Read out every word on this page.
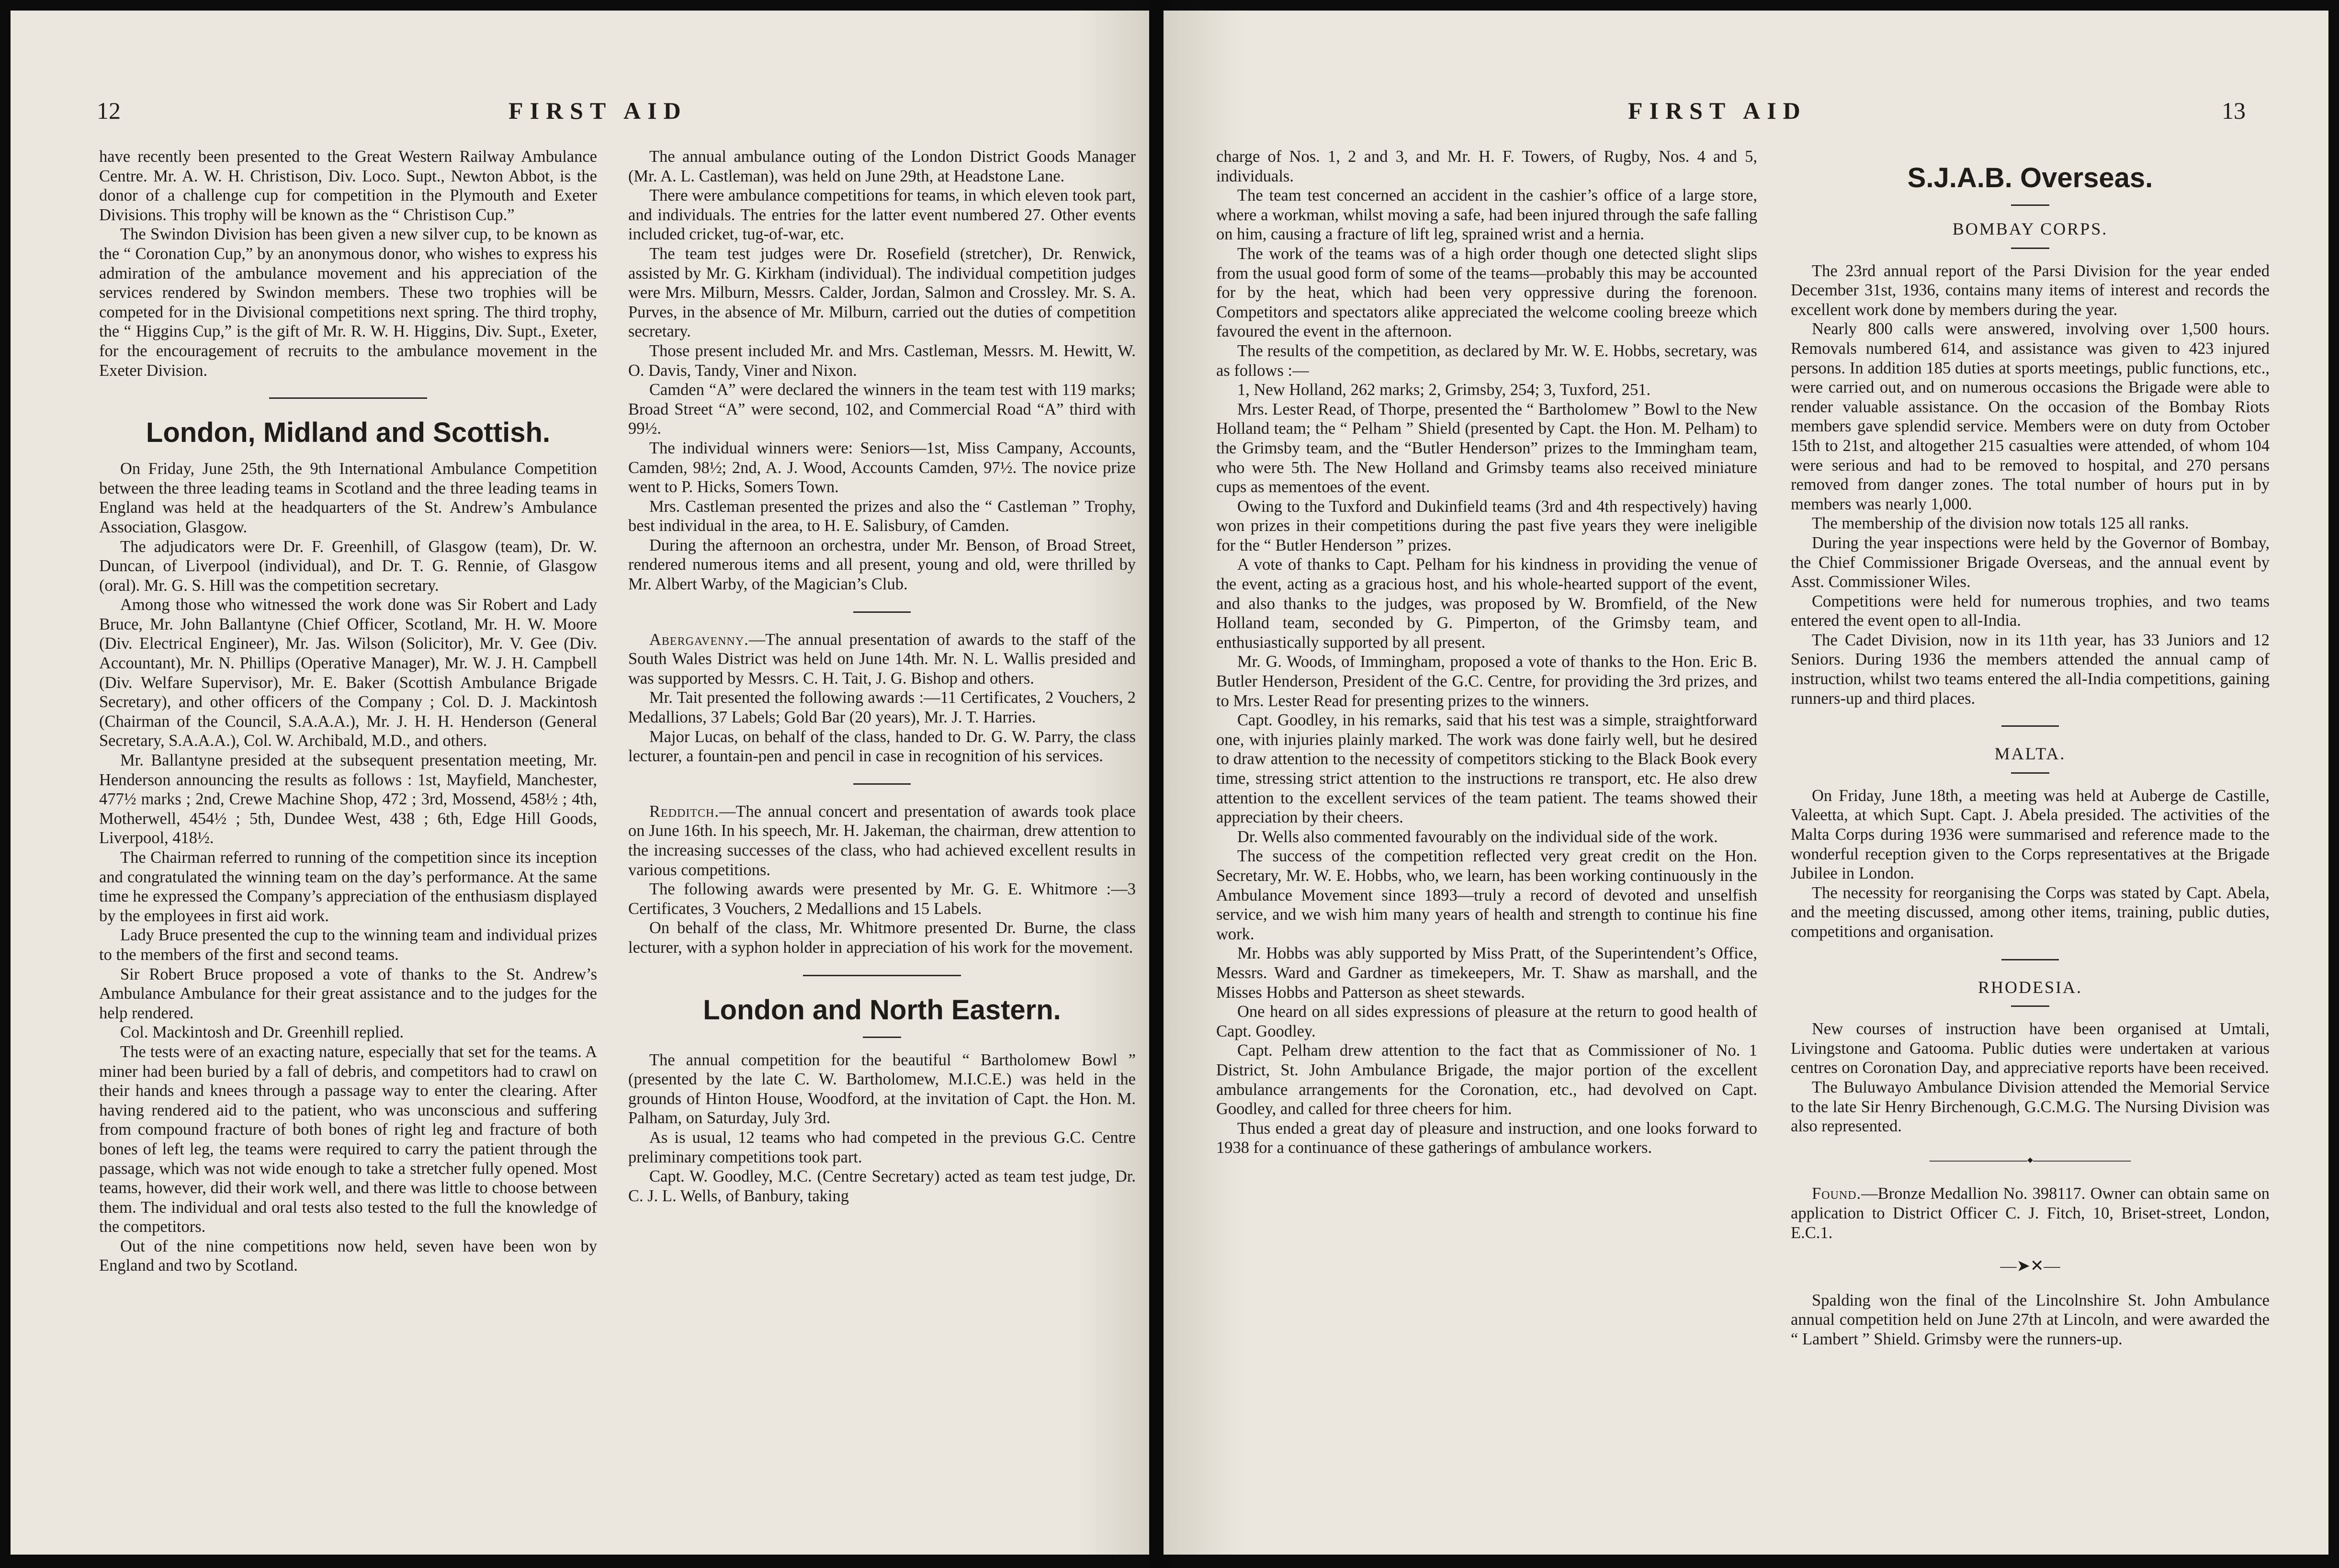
12	FIRST AID

have recently been presented to the Great Western Railway Ambulance Centre. Mr. A. W. H. Christison, Div. Loco. Supt., Newton Abbot, is the donor of a challenge cup for competition in the Plymouth and Exeter Divisions. This trophy will be known as the “ Christison Cup.”

The Swindon Division has been given a new silver cup, to be known as the “ Coronation Cup,” by an anonymous donor, who wishes to express his admiration of the ambulance movement and his appreciation of the services rendered by Swindon members. These two trophies will be competed for in the Divisional competitions next spring. The third trophy, the “ Higgins Cup,” is the gift of Mr. R. W. H. Higgins, Div. Supt., Exeter, for the encouragement of recruits to the ambulance movement in the Exeter Division.

London, Midland and Scottish.

On Friday, June 25th, the 9th International Ambulance Competition between the three leading teams in Scotland and the three leading teams in England was held at the headquarters of the St. Andrew’s Ambulance Association, Glasgow.

The adjudicators were Dr. F. Greenhill, of Glasgow (team), Dr. W. Duncan, of Liverpool (individual), and Dr. T. G. Rennie, of Glasgow (oral). Mr. G. S. Hill was the competition secretary.

Among those who witnessed the work done was Sir Robert and Lady Bruce, Mr. John Ballantyne (Chief Officer, Scotland, Mr. H. W. Moore (Div. Electrical Engineer), Mr. Jas. Wilson (Solicitor), Mr. V. Gee (Div. Accountant), Mr. N. Phillips (Operative Manager), Mr. W. J. H. Campbell (Div. Welfare Supervisor), Mr. E. Baker (Scottish Ambulance Brigade Secretary), and other officers of the Company ; Col. D. J. Mackintosh (Chairman of the Council, S.A.A.A.), Mr. J. H. H. Henderson (General Secretary, S.A.A.A.), Col. W. Archibald, M.D., and others.

Mr. Ballantyne presided at the subsequent presentation meeting, Mr. Henderson announcing the results as follows : 1st, Mayfield, Manchester, 477½ marks ; 2nd, Crewe Machine Shop, 472 ; 3rd, Mossend, 458½ ; 4th, Motherwell, 454½ ; 5th, Dundee West, 438 ; 6th, Edge Hill Goods, Liverpool, 418½.

The Chairman referred to running of the competition since its inception and congratulated the winning team on the day’s performance. At the same time he expressed the Company’s appreciation of the enthusiasm displayed by the employees in first aid work.

Lady Bruce presented the cup to the winning team and individual prizes to the members of the first and second teams.

Sir Robert Bruce proposed a vote of thanks to the St. Andrew’s Ambulance Ambulance for their great assistance and to the judges for the help rendered.

Col. Mackintosh and Dr. Greenhill replied.

The tests were of an exacting nature, especially that set for the teams. A miner had been buried by a fall of debris, and competitors had to crawl on their hands and knees through a passage way to enter the clearing. After having rendered aid to the patient, who was unconscious and suffering from compound fracture of both bones of right leg and fracture of both bones of left leg, the teams were required to carry the patient through the passage, which was not wide enough to take a stretcher fully opened. Most teams, however, did their work well, and there was little to choose between them. The individual and oral tests also tested to the full the knowledge of the competitors.

Out of the nine competitions now held, seven have been won by England and two by Scotland.

The annual ambulance outing of the London District Goods Manager (Mr. A. L. Castleman), was held on June 29th, at Headstone Lane.

There were ambulance competitions for teams, in which eleven took part, and individuals. The entries for the latter event numbered 27. Other events included cricket, tug-of-war, etc.

The team test judges were Dr. Rosefield (stretcher), Dr. Renwick, assisted by Mr. G. Kirkham (individual). The individual competition judges were Mrs. Milburn, Messrs. Calder, Jordan, Salmon and Crossley. Mr. S. A. Purves, in the absence of Mr. Milburn, carried out the duties of competition secretary.

Those present included Mr. and Mrs. Castleman, Messrs. M. Hewitt, W. O. Davis, Tandy, Viner and Nixon.

Camden “A” were declared the winners in the team test with 119 marks; Broad Street “A” were second, 102, and Commercial Road “A” third with 99½.

The individual winners were: Seniors—1st, Miss Campany, Accounts, Camden, 98½; 2nd, A. J. Wood, Accounts Camden, 97½. The novice prize went to P. Hicks, Somers Town.

Mrs. Castleman presented the prizes and also the “ Castleman ” Trophy, best individual in the area, to H. E. Salisbury, of Camden.

During the afternoon an orchestra, under Mr. Benson, of Broad Street, rendered numerous items and all present, young and old, were thrilled by Mr. Albert Warby, of the Magician’s Club.

Abergavenny.—The annual presentation of awards to the staff of the South Wales District was held on June 14th. Mr. N. L. Wallis presided and was supported by Messrs. C. H. Tait, J. G. Bishop and others.

Mr. Tait presented the following awards :—11 Certificates, 2 Vouchers, 2 Medallions, 37 Labels; Gold Bar (20 years), Mr. J. T. Harries.

Major Lucas, on behalf of the class, handed to Dr. G. W. Parry, the class lecturer, a fountain-pen and pencil in case in recognition of his services.

Redditch.—The annual concert and presentation of awards took place on June 16th. In his speech, Mr. H. Jakeman, the chairman, drew attention to the increasing successes of the class, who had achieved excellent results in various competitions.

The following awards were presented by Mr. G. E. Whitmore :—3 Certificates, 3 Vouchers, 2 Medallions and 15 Labels.

On behalf of the class, Mr. Whitmore presented Dr. Burne, the class lecturer, with a syphon holder in appreciation of his work for the movement.

London and North Eastern.

The annual competition for the beautiful “ Bartholomew Bowl ” (presented by the late C. W. Bartholomew, M.I.C.E.) was held in the grounds of Hinton House, Woodford, at the invitation of Capt. the Hon. M. Palham, on Saturday, July 3rd.

As is usual, 12 teams who had competed in the previous G.C. Centre preliminary competitions took part.

Capt. W. Goodley, M.C. (Centre Secretary) acted as team test judge, Dr. C. J. L. Wells, of Banbury, taking

FIRST AID	13

charge of Nos. 1, 2 and 3, and Mr. H. F. Towers, of Rugby, Nos. 4 and 5, individuals.

The team test concerned an accident in the cashier’s office of a large store, where a workman, whilst moving a safe, had been injured through the safe falling on him, causing a fracture of lift leg, sprained wrist and a hernia.

The work of the teams was of a high order though one detected slight slips from the usual good form of some of the teams—probably this may be accounted for by the heat, which had been very oppressive during the forenoon. Competitors and spectators alike appreciated the welcome cooling breeze which favoured the event in the afternoon.

The results of the competition, as declared by Mr. W. E. Hobbs, secretary, was as follows :—

1, New Holland, 262 marks; 2, Grimsby, 254; 3, Tuxford, 251.

Mrs. Lester Read, of Thorpe, presented the “ Bartholomew ” Bowl to the New Holland team; the “ Pelham ” Shield (presented by Capt. the Hon. M. Pelham) to the Grimsby team, and the “Butler Henderson” prizes to the Immingham team, who were 5th. The New Holland and Grimsby teams also received miniature cups as mementoes of the event.

Owing to the Tuxford and Dukinfield teams (3rd and 4th respectively) having won prizes in their competitions during the past five years they were ineligible for the “ Butler Henderson ” prizes.

A vote of thanks to Capt. Pelham for his kindness in providing the venue of the event, acting as a gracious host, and his whole-hearted support of the event, and also thanks to the judges, was proposed by W. Bromfield, of the New Holland team, seconded by G. Pimperton, of the Grimsby team, and enthusiastically supported by all present.

Mr. G. Woods, of Immingham, proposed a vote of thanks to the Hon. Eric B. Butler Henderson, President of the G.C. Centre, for providing the 3rd prizes, and to Mrs. Lester Read for presenting prizes to the winners.

Capt. Goodley, in his remarks, said that his test was a simple, straightforward one, with injuries plainly marked. The work was done fairly well, but he desired to draw attention to the necessity of competitors sticking to the Black Book every time, stressing strict attention to the instructions re transport, etc. He also drew attention to the excellent services of the team patient. The teams showed their appreciation by their cheers.

Dr. Wells also commented favourably on the individual side of the work.

The success of the competition reflected very great credit on the Hon. Secretary, Mr. W. E. Hobbs, who, we learn, has been working continuously in the Ambulance Movement since 1893—truly a record of devoted and unselfish service, and we wish him many years of health and strength to continue his fine work.

Mr. Hobbs was ably supported by Miss Pratt, of the Superintendent’s Office, Messrs. Ward and Gardner as timekeepers, Mr. T. Shaw as marshall, and the Misses Hobbs and Patterson as sheet stewards.

One heard on all sides expressions of pleasure at the return to good health of Capt. Goodley.

Capt. Pelham drew attention to the fact that as Commissioner of No. 1 District, St. John Ambulance Brigade, the major portion of the excellent ambulance arrangements for the Coronation, etc., had devolved on Capt. Goodley, and called for three cheers for him.

Thus ended a great day of pleasure and instruction, and one looks forward to 1938 for a continuance of these gatherings of ambulance workers.

S.J.A.B. Overseas.
BOMBAY CORPS.

The 23rd annual report of the Parsi Division for the year ended December 31st, 1936, contains many items of interest and records the excellent work done by members during the year.

Nearly 800 calls were answered, involving over 1,500 hours. Removals numbered 614, and assistance was given to 423 injured persons. In addition 185 duties at sports meetings, public functions, etc., were carried out, and on numerous occasions the Brigade were able to render valuable assistance. On the occasion of the Bombay Riots members gave splendid service. Members were on duty from October 15th to 21st, and altogether 215 casualties were attended, of whom 104 were serious and had to be removed to hospital, and 270 persans removed from danger zones. The total number of hours put in by members was nearly 1,000.

The membership of the division now totals 125 all ranks.

During the year inspections were held by the Governor of Bombay, the Chief Commissioner Brigade Overseas, and the annual event by Asst. Commissioner Wiles.

Competitions were held for numerous trophies, and two teams entered the event open to all-India.

The Cadet Division, now in its 11th year, has 33 Juniors and 12 Seniors. During 1936 the members attended the annual camp of instruction, whilst two teams entered the all-India competitions, gaining runners-up and third places.

MALTA.

On Friday, June 18th, a meeting was held at Auberge de Castille, Valeetta, at which Supt. Capt. J. Abela presided. The activities of the Malta Corps during 1936 were summarised and reference made to the wonderful reception given to the Corps representatives at the Brigade Jubilee in London.

The necessity for reorganising the Corps was stated by Capt. Abela, and the meeting discussed, among other items, training, public duties, competitions and organisation.

RHODESIA.

New courses of instruction have been organised at Umtali, Livingstone and Gatooma. Public duties were undertaken at various centres on Coronation Day, and appreciative reports have been received.

The Buluwayo Ambulance Division attended the Memorial Service to the late Sir Henry Birchenough, G.C.M.G. The Nursing Division was also represented.

——————⬩——————

Found.—Bronze Medallion No. 398117. Owner can obtain same on application to District Officer C. J. Fitch, 10, Briset-street, London, E.C.1.

—➤✕—

Spalding won the final of the Lincolnshire St. John Ambulance annual competition held on June 27th at Lincoln, and were awarded the “ Lambert ” Shield. Grimsby were the runners-up.
